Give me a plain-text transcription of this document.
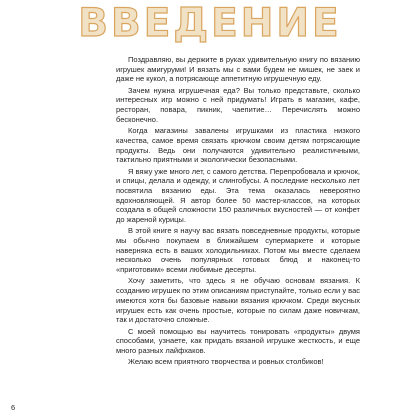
ВВЕДЕНИЕ

Поздравляю, вы держите в руках удивительную книгу по вязанию игрушек амигуруми! И вязать мы с вами будем не мишек, не заек и даже не кукол, а потрясающе аппетитную игрушечную еду.

Зачем нужна игрушечная еда? Вы только представьте, сколько интересных игр можно с ней придумать! Играть в магазин, кафе, ресторан, повара, пикник, чаепитие… Перечислять можно бесконечно.

Когда магазины завалены игрушками из пластика низкого качества, самое время связать крючком своим детям потрясающие продукты. Ведь они получаются удивительно реалистичными, тактильно приятными и экологически безопасными.

Я вяжу уже много лет, с самого детства. Перепробовала и крючок, и спицы, делала и одежду, и слингобусы. А последние несколько лет посвятила вязанию еды. Эта тема оказалась невероятно вдохновляющей. Я автор более 50 мастер-классов, на которых создала в общей сложности 150 различных вкусностей — от конфет до жареной курицы.

В этой книге я научу вас вязать повседневные продукты, которые мы обычно покупаем в ближайшем супермаркете и которые наверняка есть в ваших холодильниках. Потом мы вместе сделаем несколько очень популярных готовых блюд и наконец-то «приготовим» всеми любимые десерты.

Хочу заметить, что здесь я не обучаю основам вязания. К созданию игрушек по этим описаниям приступайте, только если у вас имеются хотя бы базовые навыки вязания крючком. Среди вкусных игрушек есть как очень простые, которые по силам даже новичкам, так и достаточно сложные.

С моей помощью вы научитесь тонировать «продукты» двумя способами, узнаете, как придать вязаной игрушке жесткость, и еще много разных лайфхаков.

Желаю всем приятного творчества и ровных столбиков!

6
